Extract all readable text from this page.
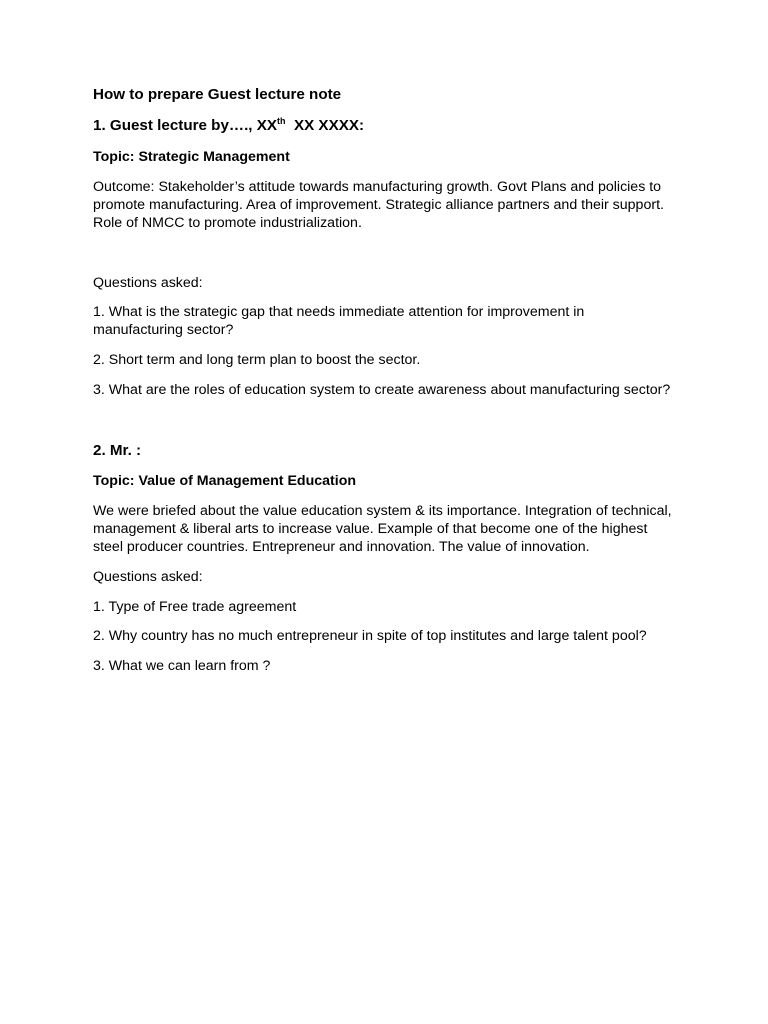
How to prepare Guest lecture note
1. Guest lecture by…., XXth  XX XXXX:
Topic: Strategic Management
Outcome: Stakeholder’s attitude towards manufacturing growth. Govt Plans and policies to
promote manufacturing. Area of improvement. Strategic alliance partners and their support.
Role of NMCC to promote industrialization.
Questions asked:
1. What is the strategic gap that needs immediate attention for improvement in
manufacturing sector?
2. Short term and long term plan to boost the sector.
3. What are the roles of education system to create awareness about manufacturing sector?
2. Mr. :
Topic: Value of Management Education
We were briefed about the value education system & its importance. Integration of technical,
management & liberal arts to increase value. Example of that become one of the highest
steel producer countries. Entrepreneur and innovation. The value of innovation.
Questions asked:
1. Type of Free trade agreement
2. Why country has no much entrepreneur in spite of top institutes and large talent pool?
3. What we can learn from ?
